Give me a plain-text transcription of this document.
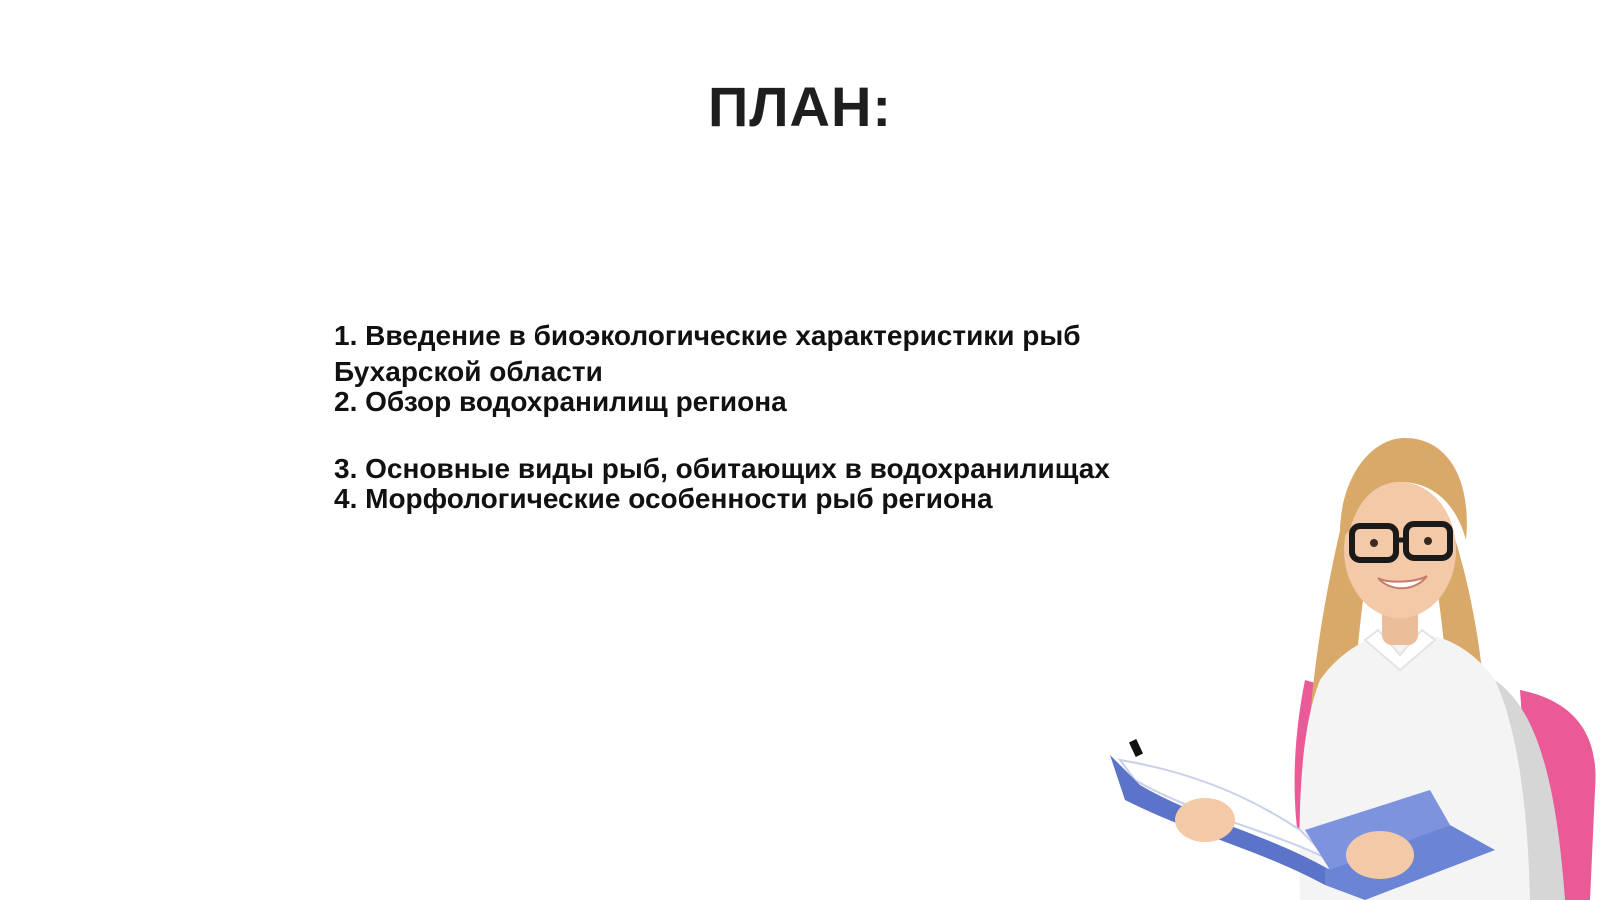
ПЛАН:
1. Введение в биоэкологические характеристики рыб Бухарской области
2. Обзор водохранилищ региона
3. Основные виды рыб, обитающих в водохранилищах
4. Морфологические особенности рыб региона
